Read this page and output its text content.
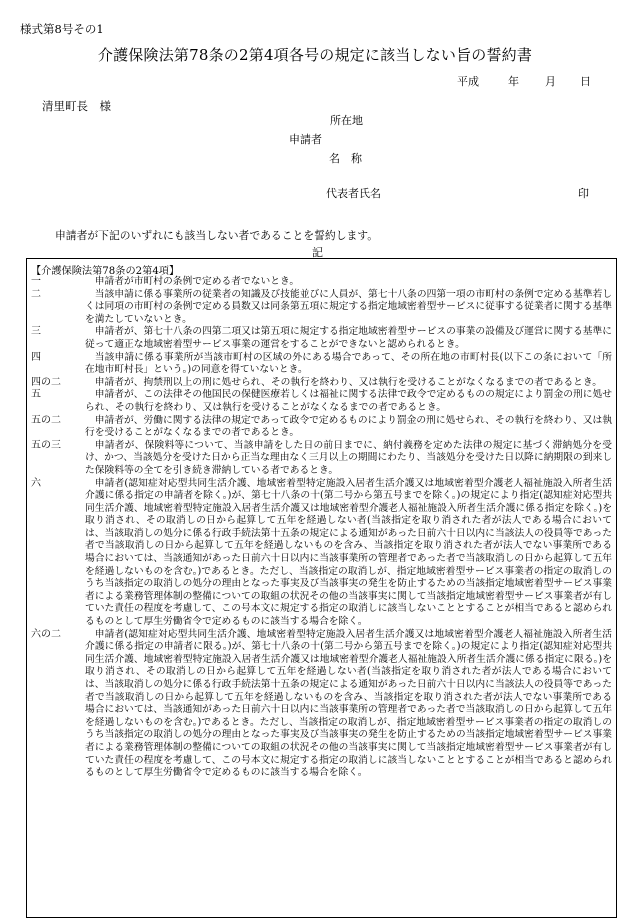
様式第8号その1
介護保険法第78条の2第4項各号の規定に該当しない旨の誓約書
平成	年 月 日
清里町長　様
所在地
申請者
名　称
代表者氏名	印
申請者が下記のいずれにも該当しない者であることを誓約します。
記
【介護保険法第78条の2第4項】
一	申請者が市町村の条例で定める者でないとき。
二	当該申請に係る事業所の従業者の知識及び技能並びに人員が、第七十八条の四第一項の市町村の条例で定める基準若しくは同項の市町村の条例で定める員数又は同条第五項に規定する指定地域密着型サービスに従事する従業者に関する基準を満たしていないとき。
三	申請者が、第七十八条の四第二項又は第五項に規定する指定地域密着型サービスの事業の設備及び運営に関する基準に従って適正な地域密着型サービス事業の運営をすることができないと認められるとき。
四	当該申請に係る事業所が当該市町村の区域の外にある場合であって、その所在地の市町村長(以下この条において「所在地市町村長」という。)の同意を得ていないとき。
四の二	申請者が、拘禁刑以上の刑に処せられ、その執行を終わり、又は執行を受けることがなくなるまでの者であるとき。
五	申請者が、この法律その他国民の保健医療若しくは福祉に関する法律で政令で定めるものの規定により罰金の刑に処せられ、その執行を終わり、又は執行を受けることがなくなるまでの者であるとき。
五の二	申請者が、労働に関する法律の規定であって政令で定めるものにより罰金の刑に処せられ、その執行を終わり、又は執行を受けることがなくなるまでの者であるとき。
五の三	申請者が、保険料等について、当該申請をした日の前日までに、納付義務を定めた法律の規定に基づく滞納処分を受け、かつ、当該処分を受けた日から正当な理由なく三月以上の期間にわたり、当該処分を受けた日以降に納期限の到来した保険料等の全てを引き続き滞納している者であるとき。
六	申請者(認知症対応型共同生活介護、地域密着型特定施設入居者生活介護又は地域密着型介護老人福祉施設入所者生活介護に係る指定の申請者を除く。)が、第七十八条の十(第二号から第五号までを除く。)の規定により指定(認知症対応型共同生活介護、地域密着型特定施設入居者生活介護又は地域密着型介護老人福祉施設入所者生活介護に係る指定を除く。)を取り消され、その取消しの日から起算して五年を経過しない者(当該指定を取り消された者が法人である場合においては、当該取消しの処分に係る行政手続法第十五条の規定による通知があった日前六十日以内に当該法人の役員等であった者で当該取消しの日から起算して五年を経過しないものを含み、当該指定を取り消された者が法人でない事業所である場合においては、当該通知があった日前六十日以内に当該事業所の管理者であった者で当該取消しの日から起算して五年を経過しないものを含む。)であるとき。ただし、当該指定の取消しが、指定地域密着型サービス事業者の指定の取消しのうち当該指定の取消しの処分の理由となった事実及び当該事実の発生を防止するための当該指定地域密着型サービス事業者による業務管理体制の整備についての取組の状況その他の当該事実に関して当該指定地域密着型サービス事業者が有していた責任の程度を考慮して、この号本文に規定する指定の取消しに該当しないこととすることが相当であると認められるものとして厚生労働省令で定めるものに該当する場合を除く。
六の二	申請者(認知症対応型共同生活介護、地域密着型特定施設入居者生活介護又は地域密着型介護老人福祉施設入所者生活介護に係る指定の申請者に限る。)が、第七十八条の十(第二号から第五号までを除く。)の規定により指定(認知症対応型共同生活介護、地域密着型特定施設入居者生活介護又は地域密着型介護老人福祉施設入所者生活介護に係る指定に限る。)を取り消され、その取消しの日から起算して五年を経過しない者(当該指定を取り消された者が法人である場合においては、当該取消しの処分に係る行政手続法第十五条の規定による通知があった日前六十日以内に当該法人の役員等であった者で当該取消しの日から起算して五年を経過しないものを含み、当該指定を取り消された者が法人でない事業所である場合においては、当該通知があった日前六十日以内に当該事業所の管理者であった者で当該取消しの日から起算して五年を経過しないものを含む。)であるとき。ただし、当該指定の取消しが、指定地域密着型サービス事業者の指定の取消しのうち当該指定の取消しの処分の理由となった事実及び当該事実の発生を防止するための当該指定地域密着型サービス事業者による業務管理体制の整備についての取組の状況その他の当該事実に関して当該指定地域密着型サービス事業者が有していた責任の程度を考慮して、この号本文に規定する指定の取消しに該当しないこととすることが相当であると認められるものとして厚生労働省令で定めるものに該当する場合を除く。
